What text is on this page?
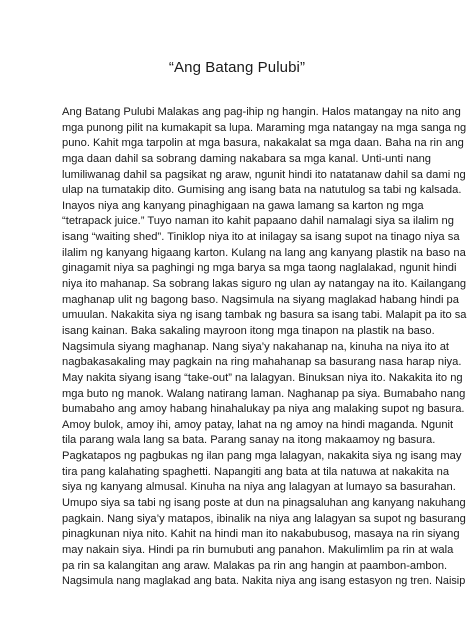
“Ang Batang Pulubi”
Ang Batang Pulubi Malakas ang pag-ihip ng hangin. Halos matangay na nito ang
mga punong pilit na kumakapit sa lupa. Maraming mga natangay na mga sanga ng
puno. Kahit mga tarpolin at mga basura, nakakalat sa mga daan. Baha na rin ang
mga daan dahil sa sobrang daming nakabara sa mga kanal. Unti-unti nang
lumiliwanag dahil sa pagsikat ng araw, ngunit hindi ito natatanaw dahil sa dami ng
ulap na tumatakip dito. Gumising ang isang bata na natutulog sa tabi ng kalsada.
Inayos niya ang kanyang pinaghigaan na gawa lamang sa karton ng mga
“tetrapack juice.” Tuyo naman ito kahit papaano dahil namalagi siya sa ilalim ng
isang “waiting shed”. Tiniklop niya ito at inilagay sa isang supot na tinago niya sa
ilalim ng kanyang higaang karton. Kulang na lang ang kanyang plastik na baso na
ginagamit niya sa paghingi ng mga barya sa mga taong naglalakad, ngunit hindi
niya ito mahanap. Sa sobrang lakas siguro ng ulan ay natangay na ito. Kailangang
maghanap ulit ng bagong baso. Nagsimula na siyang maglakad habang hindi pa
umuulan. Nakakita siya ng isang tambak ng basura sa isang tabi. Malapit pa ito sa
isang kainan. Baka sakaling mayroon itong mga tinapon na plastik na baso.
Nagsimula siyang maghanap. Nang siya’y nakahanap na, kinuha na niya ito at
nagbakasakaling may pagkain na ring mahahanap sa basurang nasa harap niya.
May nakita siyang isang “take-out” na lalagyan. Binuksan niya ito. Nakakita ito ng
mga buto ng manok. Walang natirang laman. Naghanap pa siya. Bumabaho nang
bumabaho ang amoy habang hinahalukay pa niya ang malaking supot ng basura.
Amoy bulok, amoy ihi, amoy patay, lahat na ng amoy na hindi maganda. Ngunit
tila parang wala lang sa bata. Parang sanay na itong makaamoy ng basura.
Pagkatapos ng pagbukas ng ilan pang mga lalagyan, nakakita siya ng isang may
tira pang kalahating spaghetti. Napangiti ang bata at tila natuwa at nakakita na
siya ng kanyang almusal. Kinuha na niya ang lalagyan at lumayo sa basurahan.
Umupo siya sa tabi ng isang poste at dun na pinagsaluhan ang kanyang nakuhang
pagkain. Nang siya’y matapos, ibinalik na niya ang lalagyan sa supot ng basurang
pinagkunan niya nito. Kahit na hindi man ito nakabubusog, masaya na rin siyang
may nakain siya. Hindi pa rin bumubuti ang panahon. Makulimlim pa rin at wala
pa rin sa kalangitan ang araw. Malakas pa rin ang hangin at paambon-ambon.
Nagsimula nang maglakad ang bata. Nakita niya ang isang estasyon ng tren. Naisip
